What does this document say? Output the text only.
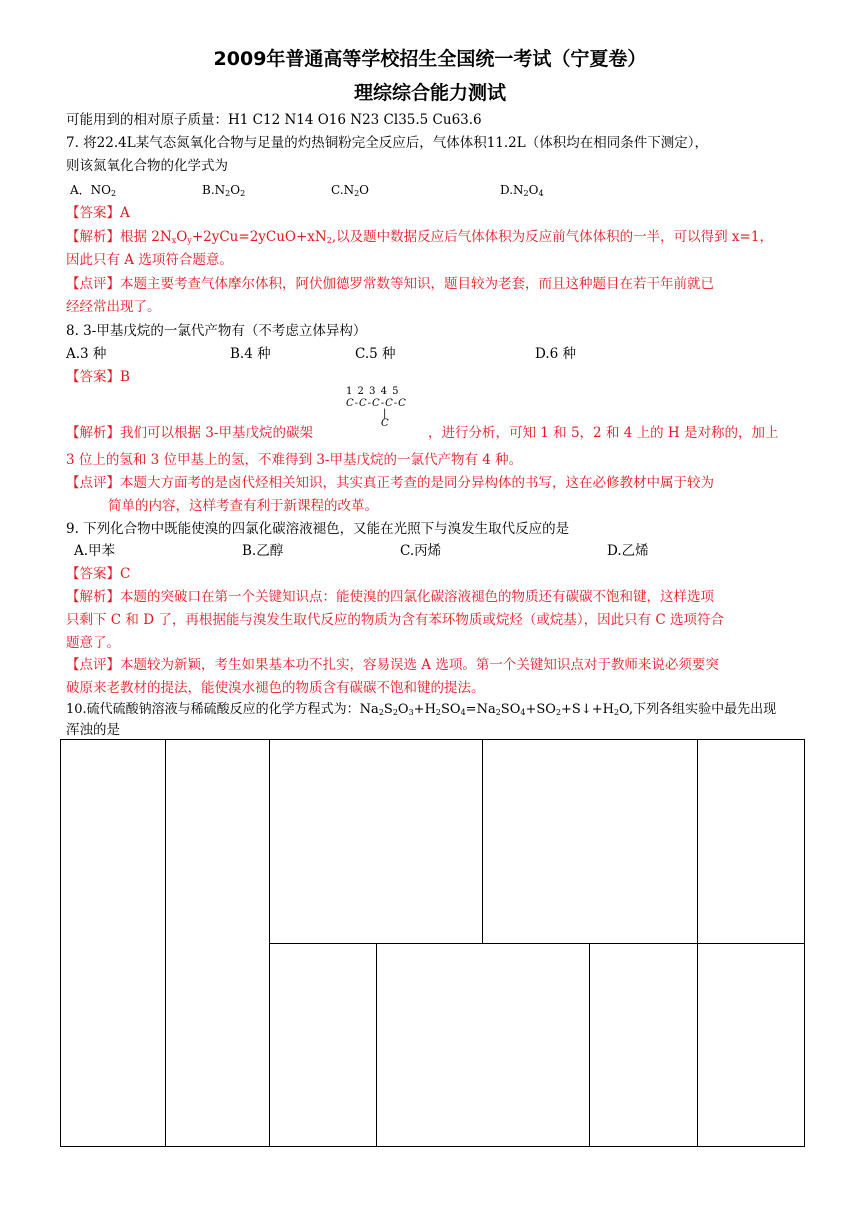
2009年普通高等学校招生全国统一考试（宁夏卷）
理综综合能力测试
可能用到的相对原子质量：H1 C12 N14 O16 N23 Cl35.5 Cu63.6
7. 将22.4L某气态氮氧化合物与足量的灼热铜粉完全反应后，气体体积11.2L（体积均在相同条件下测定），
则该氮氧化合物的化学式为
A．$NO_2$	$B.N_2O_2$	$C.N_2O$	$D.N_2O_4$
【答案】A
【解析】根据 $2N_xO_y+2yCu=2yCuO+xN_2$,以及题中数据反应后气体体积为反应前气体体积的一半，可以得到 x=1，
因此只有 A 选项符合题意。
【点评】本题主要考查气体摩尔体积，阿伏伽德罗常数等知识，题目较为老套，而且这种题目在若干年前就已
经经常出现了。
8. 3-甲基戊烷的一氯代产物有（不考虑立体异构）
A.3 种	B.4 种	C.5 种	D.6 种
【答案】B
1 2 3 4 5
C-C-C-C-C
|
C
【解析】我们可以根据 3-甲基戊烷的碳架	，进行分析，可知 1 和 5，2 和 4 上的 H 是对称的，加上
3 位上的氢和 3 位甲基上的氢，不难得到 3-甲基戊烷的一氯代产物有 4 种。
【点评】本题大方面考的是卤代烃相关知识，其实真正考查的是同分异构体的书写，这在必修教材中属于较为
简单的内容，这样考查有利于新课程的改革。
9. 下列化合物中既能使溴的四氯化碳溶液褪色，又能在光照下与溴发生取代反应的是
A.甲苯	B.乙醇	C.丙烯	D.乙烯
【答案】C
【解析】本题的突破口在第一个关键知识点：能使溴的四氯化碳溶液褪色的物质还有碳碳不饱和键，这样选项
只剩下 C 和 D 了，再根据能与溴发生取代反应的物质为含有苯环物质或烷烃（或烷基），因此只有 C 选项符合
题意了。
【点评】本题较为新颖，考生如果基本功不扎实，容易误选 A 选项。第一个关键知识点对于教师来说必须要突
破原来老教材的提法，能使溴水褪色的物质含有碳碳不饱和键的提法。
10.硫代硫酸钠溶液与稀硫酸反应的化学方程式为：$Na_2S_2O_3+H_2SO_4=Na_2SO_4+SO_2+S↓+H_2O$,下列各组实验中最先出现
浑浊的是
